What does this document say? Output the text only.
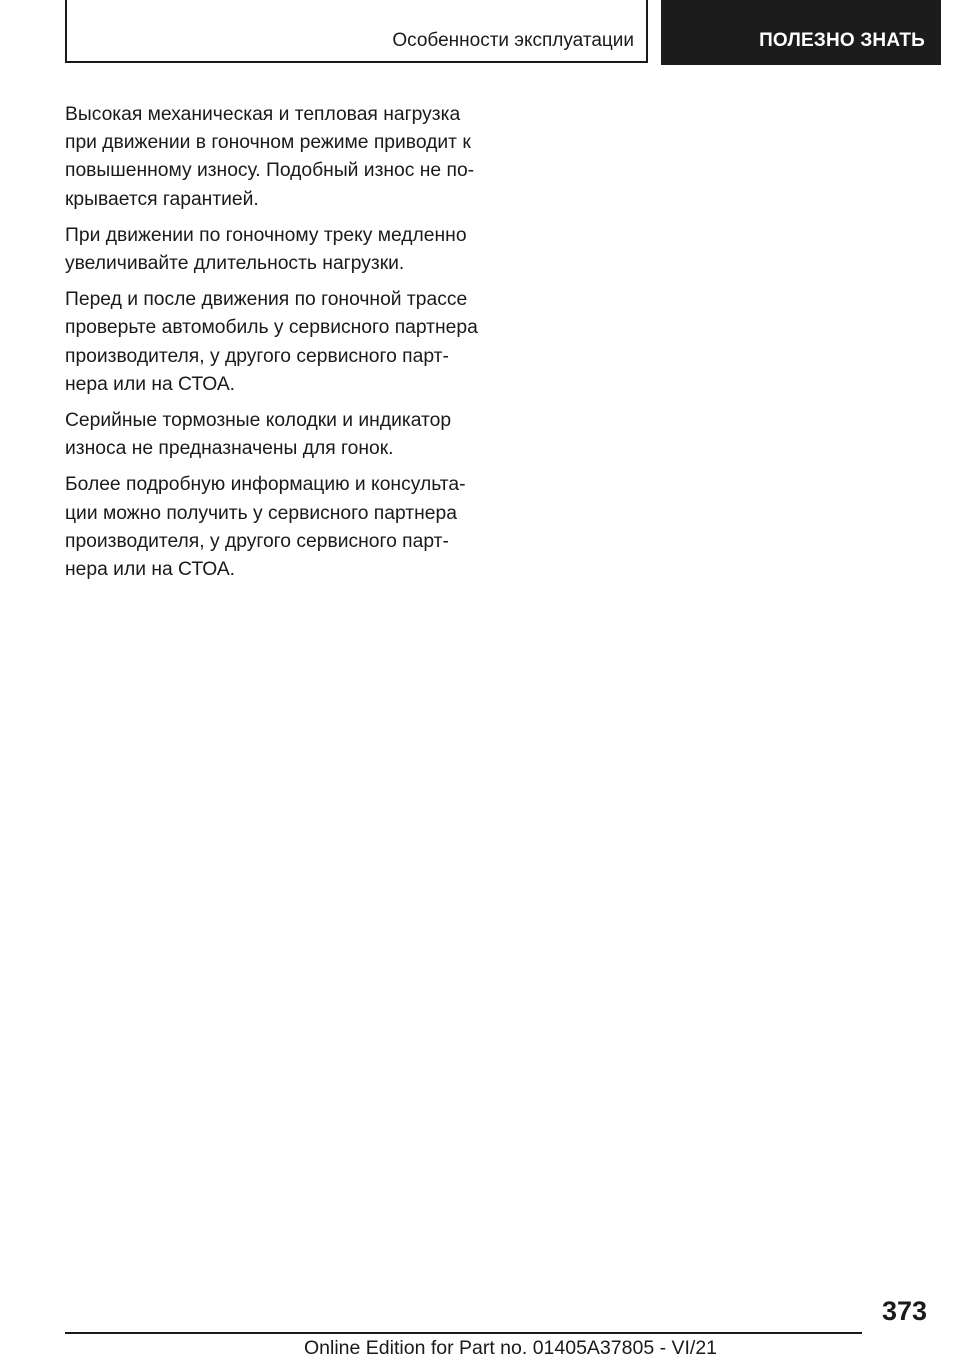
Особенности эксплуатации	ПОЛЕЗНО ЗНАТЬ

Высокая механическая и тепловая нагрузка при движении в гоночном режиме приводит к повышенному износу. Подобный износ не по-крывается гарантией.

При движении по гоночному треку медленно увеличивайте длительность нагрузки.

Перед и после движения по гоночной трассе проверьте автомобиль у сервисного партнера производителя, у другого сервисного парт-нера или на СТОА.

Серийные тормозные колодки и индикатор износа не предназначены для гонок.

Более подробную информацию и консульта-ции можно получить у сервисного партнера производителя, у другого сервисного парт-нера или на СТОА.

373
Online Edition for Part no. 01405A37805 - VI/21
